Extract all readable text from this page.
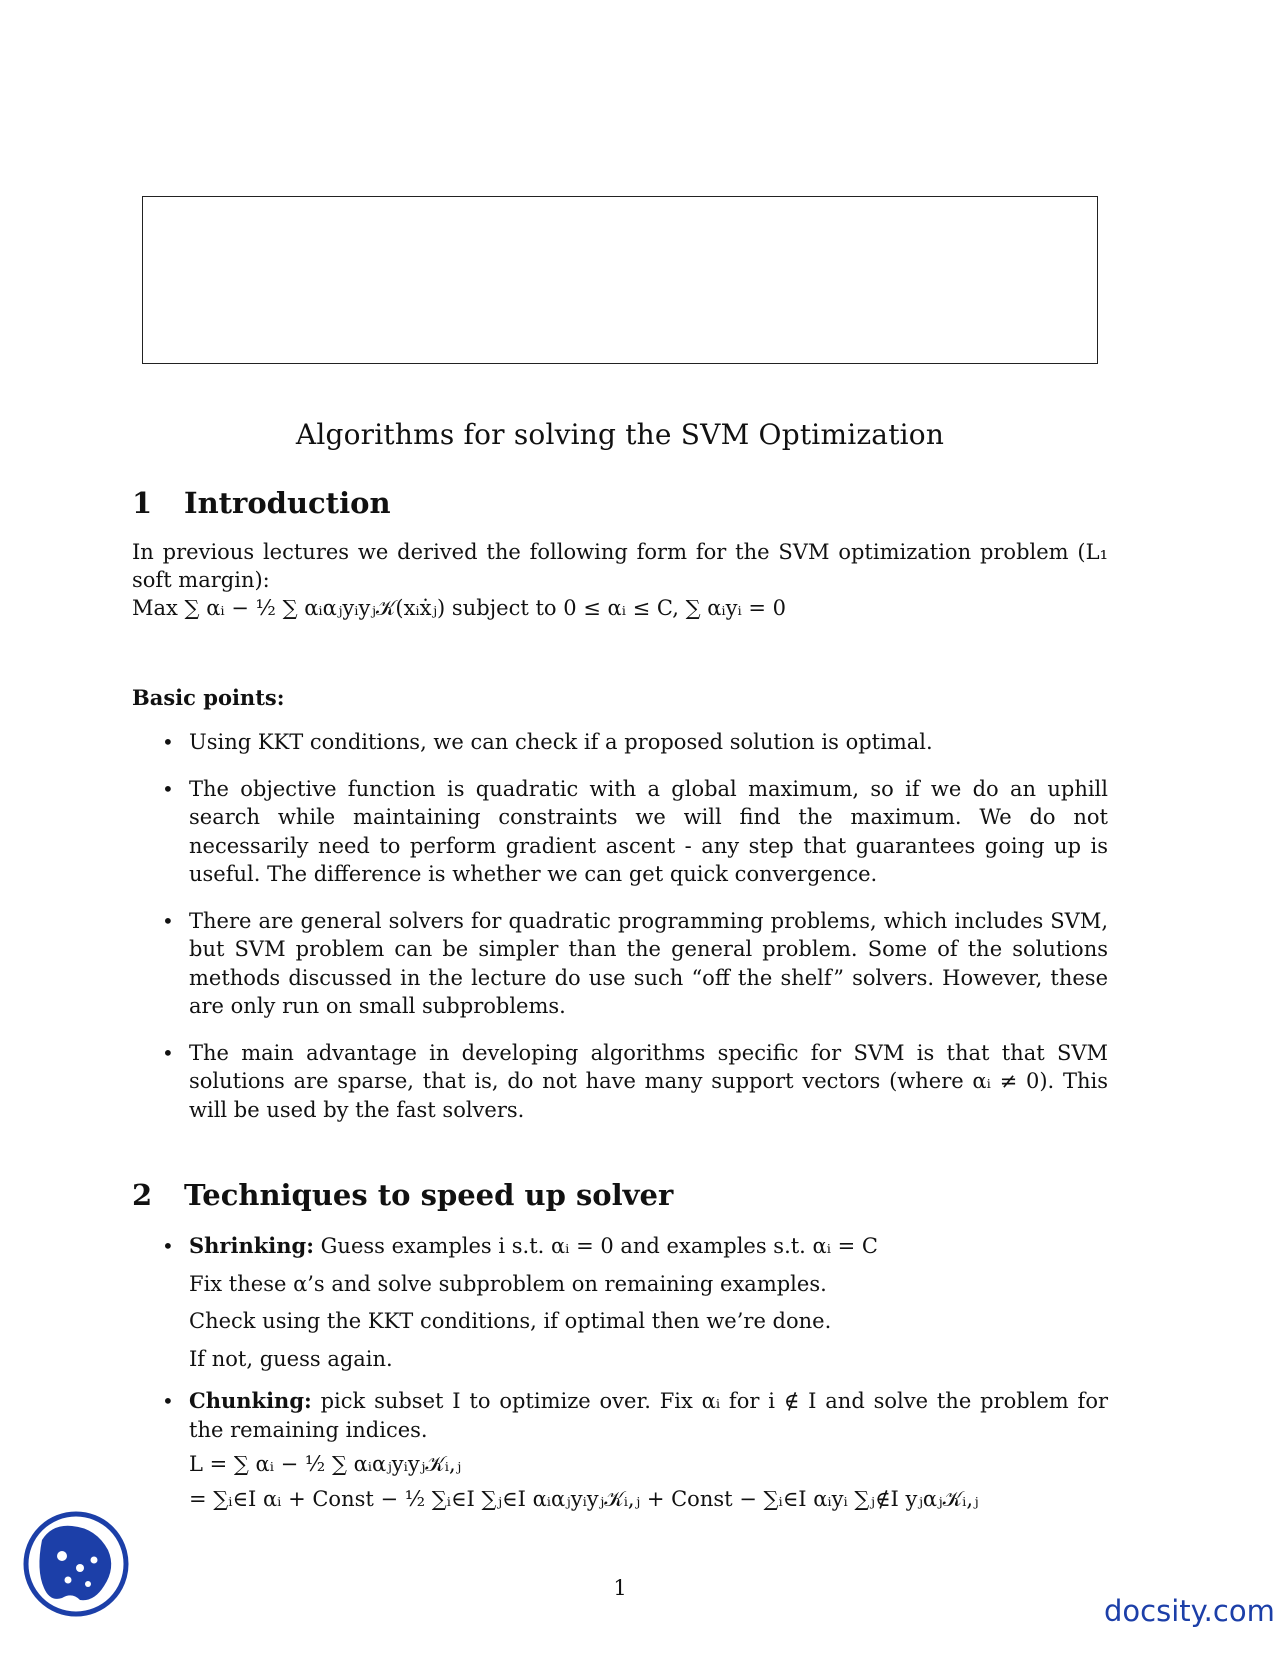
Algorithms for solving the SVM Optimization
1 Introduction
In previous lectures we derived the following form for the SVM optimization problem (L₁ soft margin):
Max ∑ αᵢ − ½ ∑ αᵢαⱼyᵢyⱼ𝒦(xᵢẋⱼ) subject to 0 ≤ αᵢ ≤ C, ∑ αᵢyᵢ = 0
Basic points:
• Using KKT conditions, we can check if a proposed solution is optimal.
• The objective function is quadratic with a global maximum, so if we do an uphill search while maintaining constraints we will find the maximum. We do not necessarily need to perform gradient ascent - any step that guarantees going up is useful. The difference is whether we can get quick convergence.
• There are general solvers for quadratic programming problems, which includes SVM, but SVM problem can be simpler than the general problem. Some of the solutions methods discussed in the lecture do use such “off the shelf” solvers. However, these are only run on small subproblems.
• The main advantage in developing algorithms specific for SVM is that that SVM solutions are sparse, that is, do not have many support vectors (where αᵢ ≠ 0). This will be used by the fast solvers.
2 Techniques to speed up solver
• Shrinking: Guess examples i s.t. αᵢ = 0 and examples s.t. αᵢ = C
Fix these α’s and solve subproblem on remaining examples.
Check using the KKT conditions, if optimal then we’re done.
If not, guess again.
• Chunking: pick subset I to optimize over. Fix αᵢ for i ∉ I and solve the problem for the remaining indices.
L = ∑ αᵢ − ½ ∑ αᵢαⱼyᵢyⱼ𝒦ᵢ,ⱼ
= ∑ᵢ∈I αᵢ + Const − ½ ∑ᵢ∈I ∑ⱼ∈I αᵢαⱼyᵢyⱼ𝒦ᵢ,ⱼ + Const − ∑ᵢ∈I αᵢyᵢ ∑ⱼ∉I yⱼαⱼ𝒦ᵢ,ⱼ
1
docsity.com
